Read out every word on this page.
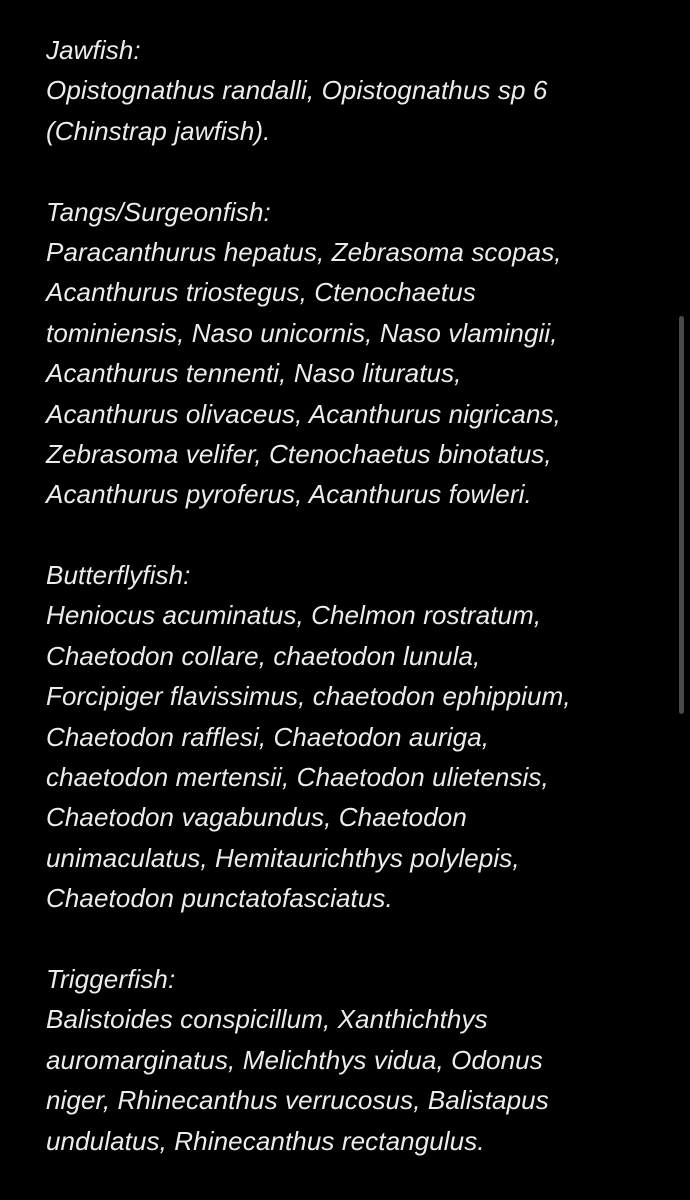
Jawfish:
Opistognathus randalli, Opistognathus sp 6
(Chinstrap jawfish).
Tangs/Surgeonfish:
Paracanthurus hepatus, Zebrasoma scopas,
Acanthurus triostegus, Ctenochaetus
tominiensis, Naso unicornis, Naso vlamingii,
Acanthurus tennenti, Naso lituratus,
Acanthurus olivaceus, Acanthurus nigricans,
Zebrasoma velifer, Ctenochaetus binotatus,
Acanthurus pyroferus, Acanthurus fowleri.
Butterflyfish:
Heniocus acuminatus, Chelmon rostratum,
Chaetodon collare, chaetodon lunula,
Forcipiger flavissimus, chaetodon ephippium,
Chaetodon rafflesi, Chaetodon auriga,
chaetodon mertensii, Chaetodon ulietensis,
Chaetodon vagabundus, Chaetodon
unimaculatus, Hemitaurichthys polylepis,
Chaetodon punctatofasciatus.
Triggerfish:
Balistoides conspicillum, Xanthichthys
auromarginatus, Melichthys vidua, Odonus
niger, Rhinecanthus verrucosus, Balistapus
undulatus, Rhinecanthus rectangulus.
